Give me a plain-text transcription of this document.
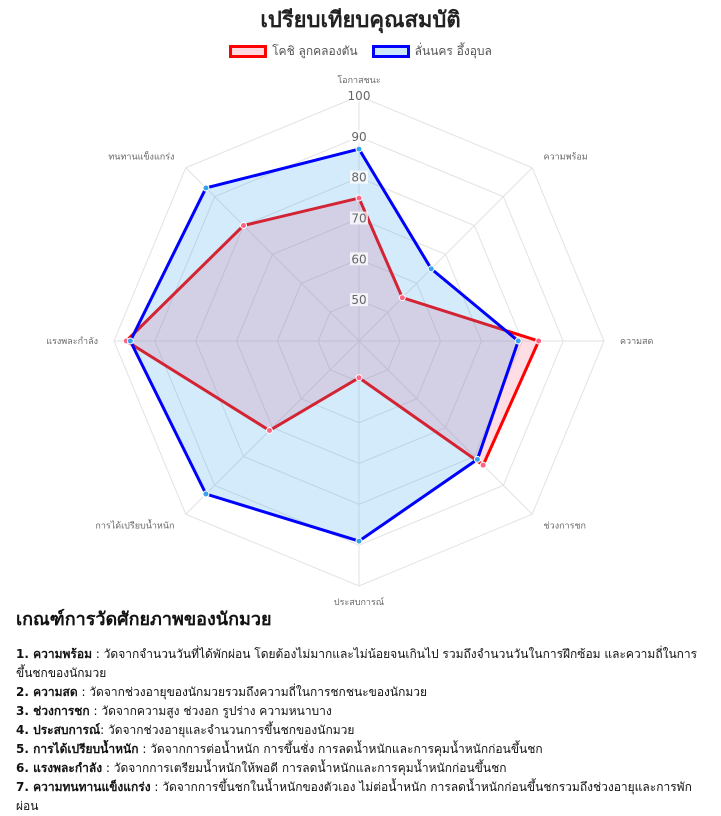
เปรียบเทียบคุณสมบัติ
โคชิ ลูกคลองตัน	ลั่นนคร อึ้งอุบล
50
60
70
80
90
100
โอกาสชนะ
ความพร้อม
ความสด
ช่วงการชก
ประสบการณ์
การได้เปรียบน้ำหนัก
แรงพละกำลัง
ทนทานแข็งแกร่ง
เกณฑ์การวัดศักยภาพของนักมวย

1. ความพร้อม : วัดจากจำนวนวันที่ได้พักผ่อน โดยต้องไม่มากและไม่น้อยจนเกินไป รวมถึงจำนวนวันในการฝึกซ้อม และความถี่ในการขึ้นชกของนักมวย

2. ความสด : วัดจากช่วงอายุของนักมวยรวมถึงความถี่ในการชกชนะของนักมวย

3. ช่วงการชก : วัดจากความสูง ช่วงอก รูปร่าง ความหนาบาง

4. ประสบการณ์: วัดจากช่วงอายุและจำนวนการขึ้นชกของนักมวย

5. การได้เปรียบน้ำหนัก : วัดจากการต่อน้ำหนัก การขึ้นชั่ง การลดน้ำหนักและการคุมน้ำหนักก่อนขึ้นชก

6. แรงพละกำลัง : วัดจากการเตรียมน้ำหนักให้พอดี การลดน้ำหนักและการคุมน้ำหนักก่อนขึ้นชก

7. ความทนทานแข็งแกร่ง : วัดจากการขึ้นชกในน้ำหนักของตัวเอง ไม่ต่อน้ำหนัก การลดน้ำหนักก่อนขึ้นชกรวมถึงช่วงอายุและการพักผ่อน
